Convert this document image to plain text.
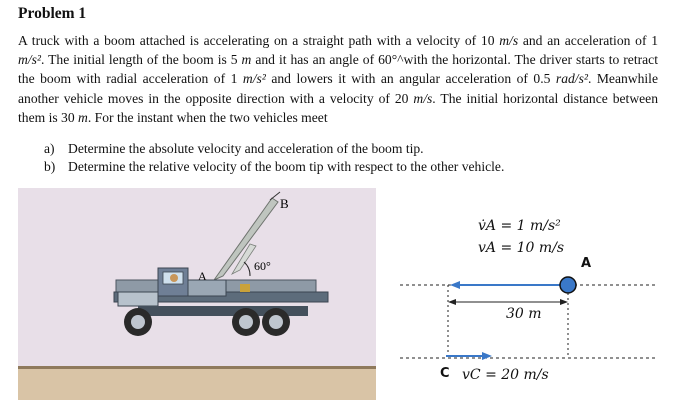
Problem 1
A truck with a boom attached is accelerating on a straight path with a velocity of 10 m/s and an acceleration of 1 m/s². The initial length of the boom is 5 m and it has an angle of 60°^with the horizontal. The driver starts to retract the boom with radial acceleration of 1 m/s² and lowers it with an angular acceleration of 0.5 rad/s². Meanwhile another vehicle moves in the opposite direction with a velocity of 20 m/s. The initial horizontal distance between them is 30 m. For the instant when the two vehicles meet
a) Determine the absolute velocity and acceleration of the boom tip.
b) Determine the relative velocity of the boom tip with respect to the other vehicle.
B
60°
A
v̇A = 1 m/s²
vA = 10 m/s
A
30 m
C vC = 20 m/s
